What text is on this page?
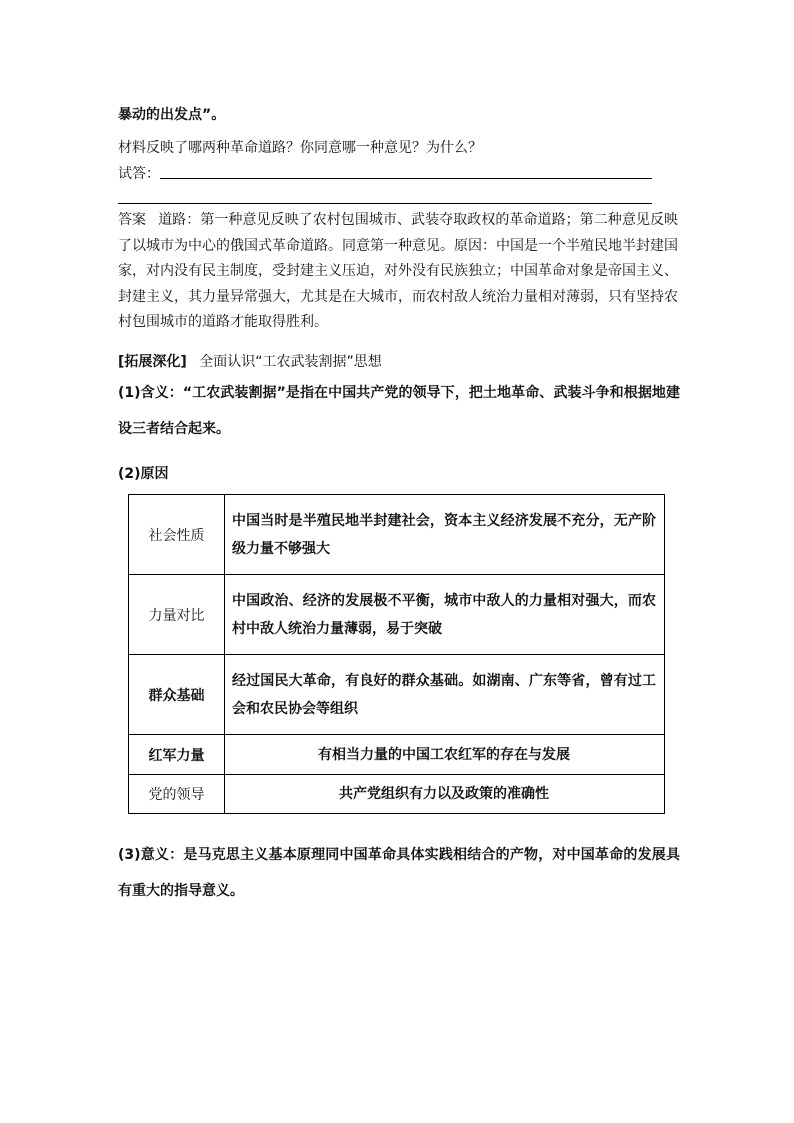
暴动的出发点”。
材料反映了哪两种革命道路？你同意哪一种意见？为什么？
试答：
答案 道路：第一种意见反映了农村包围城市、武装夺取政权的革命道路；第二种意见反映了以城市为中心的俄国式革命道路。同意第一种意见。原因：中国是一个半殖民地半封建国家，对内没有民主制度，受封建主义压迫，对外没有民族独立；中国革命对象是帝国主义、封建主义，其力量异常强大，尤其是在大城市，而农村敌人统治力量相对薄弱，只有坚持农村包围城市的道路才能取得胜利。
[拓展深化] 全面认识“工农武装割据”思想
(1)含义：“工农武装割据”是指在中国共产党的领导下，把土地革命、武装斗争和根据地建设三者结合起来。
(2)原因
社会性质	中国当时是半殖民地半封建社会，资本主义经济发展不充分，无产阶级力量不够强大
力量对比	中国政治、经济的发展极不平衡，城市中敌人的力量相对强大，而农村中敌人统治力量薄弱，易于突破
群众基础	经过国民大革命，有良好的群众基础。如湖南、广东等省，曾有过工会和农民协会等组织
红军力量	有相当力量的中国工农红军的存在与发展
党的领导	共产党组织有力以及政策的准确性
(3)意义：是马克思主义基本原理同中国革命具体实践相结合的产物，对中国革命的发展具有重大的指导意义。
